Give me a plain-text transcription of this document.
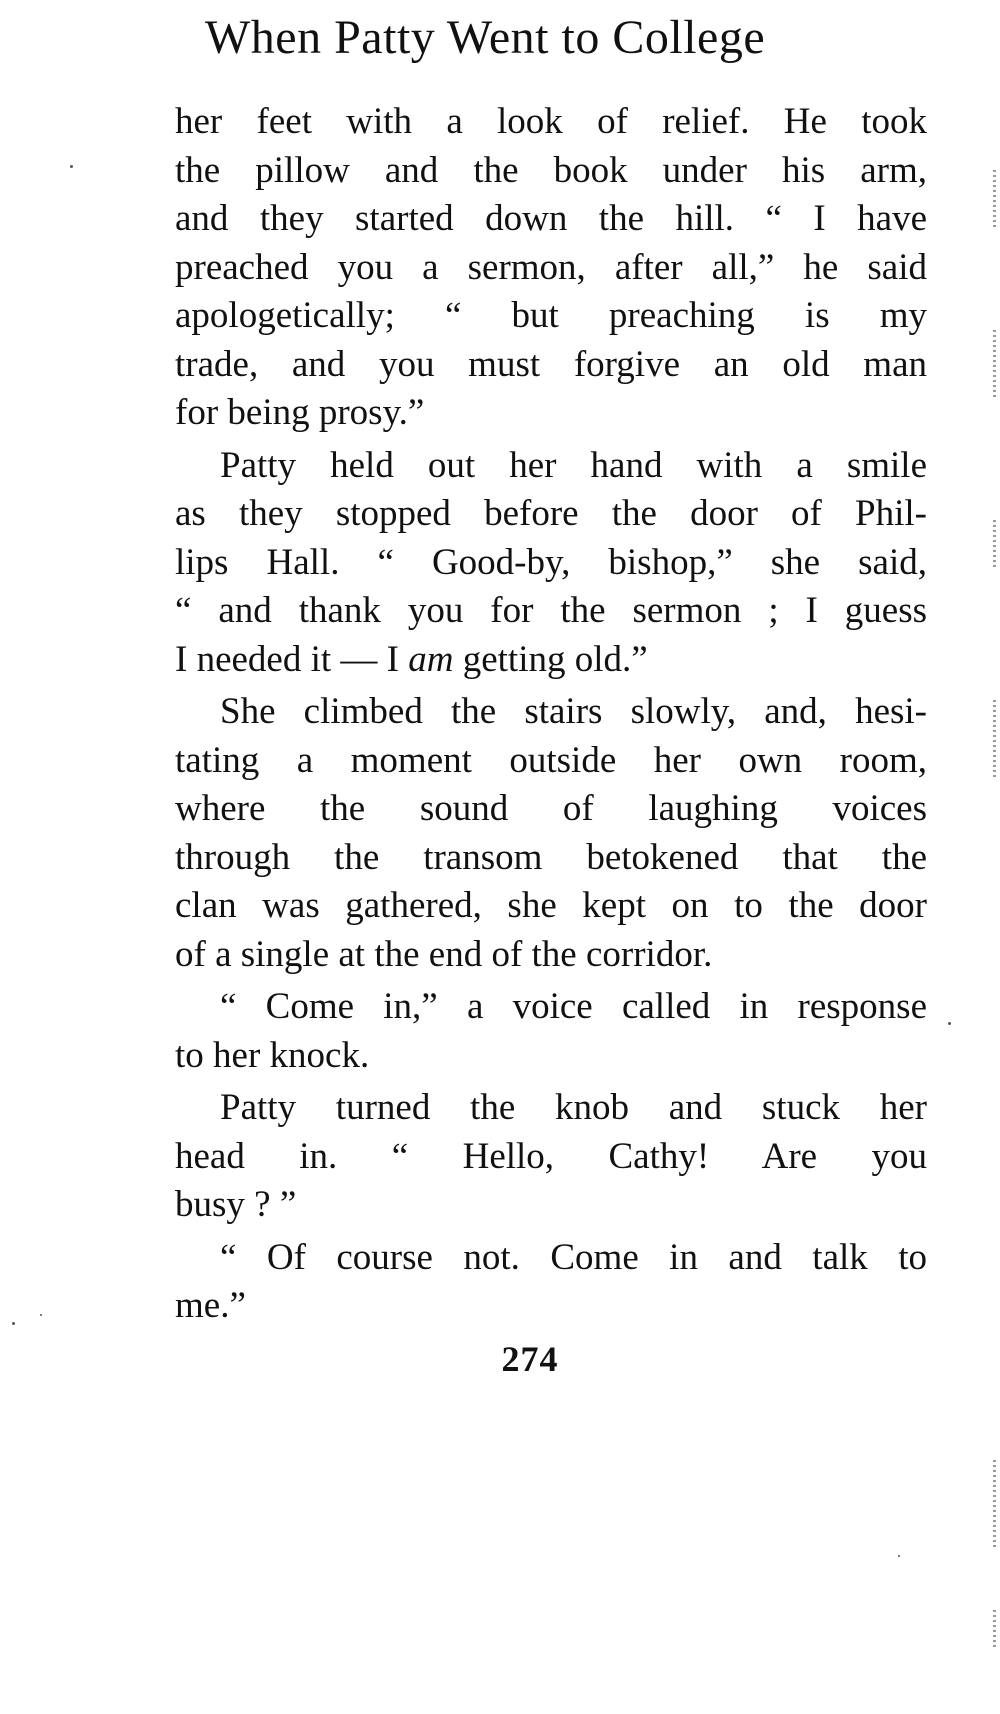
When Patty Went to College

her feet with a look of relief. He took
the pillow and the book under his arm,
and they started down the hill. “ I have
preached you a sermon, after all,” he said
apologetically; “ but preaching is my
trade, and you must forgive an old man
for being prosy.”

Patty held out her hand with a smile
as they stopped before the door of Phil-
lips Hall. “ Good-by, bishop,” she said,
“ and thank you for the sermon ; I guess
I needed it — I am getting old.”

She climbed the stairs slowly, and, hesi-
tating a moment outside her own room,
where the sound of laughing voices
through the transom betokened that the
clan was gathered, she kept on to the door
of a single at the end of the corridor.

“ Come in,” a voice called in response
to her knock.

Patty turned the knob and stuck her
head in. “ Hello, Cathy! Are you
busy ? ”

“ Of course not. Come in and talk to
me.”

274
